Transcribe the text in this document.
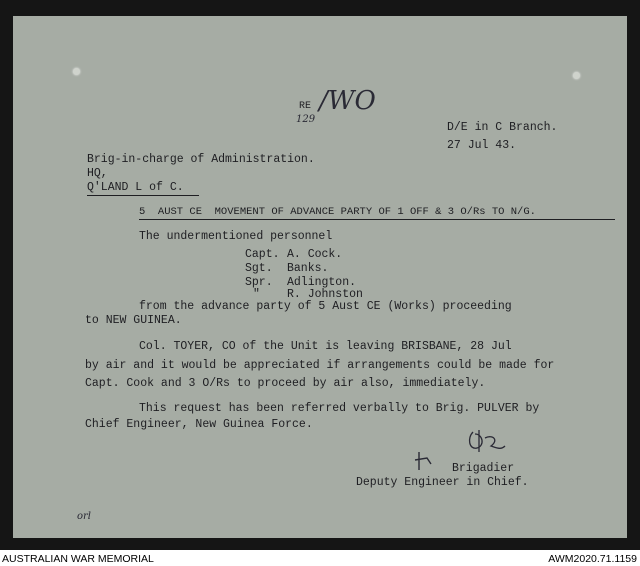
RE
129
/WO
D/E in C Branch.
27 Jul 43.
Brig-in-charge of Administration.
HQ,
Q'LAND L of C.
5  AUST CE  MOVEMENT OF ADVANCE PARTY OF 1 OFF & 3 O/Rs TO N/G.
The undermentioned personnel
Capt. A. Cock.
Sgt. Banks.
Spr. Adlington.
" R. Johnston
from the advance party of 5 Aust CE (Works) proceeding
to NEW GUINEA.
Col. TOYER, CO of the Unit is leaving BRISBANE, 28 Jul
by air and it would be appreciated if arrangements could be made for
Capt. Cook and 3 O/Rs to proceed by air also, immediately.
This request has been referred verbally to Brig. PULVER by
Chief Engineer, New Guinea Force.
Brigadier
Deputy Engineer in Chief.
orl
AUSTRALIAN WAR MEMORIAL	AWM2020.71.1159
